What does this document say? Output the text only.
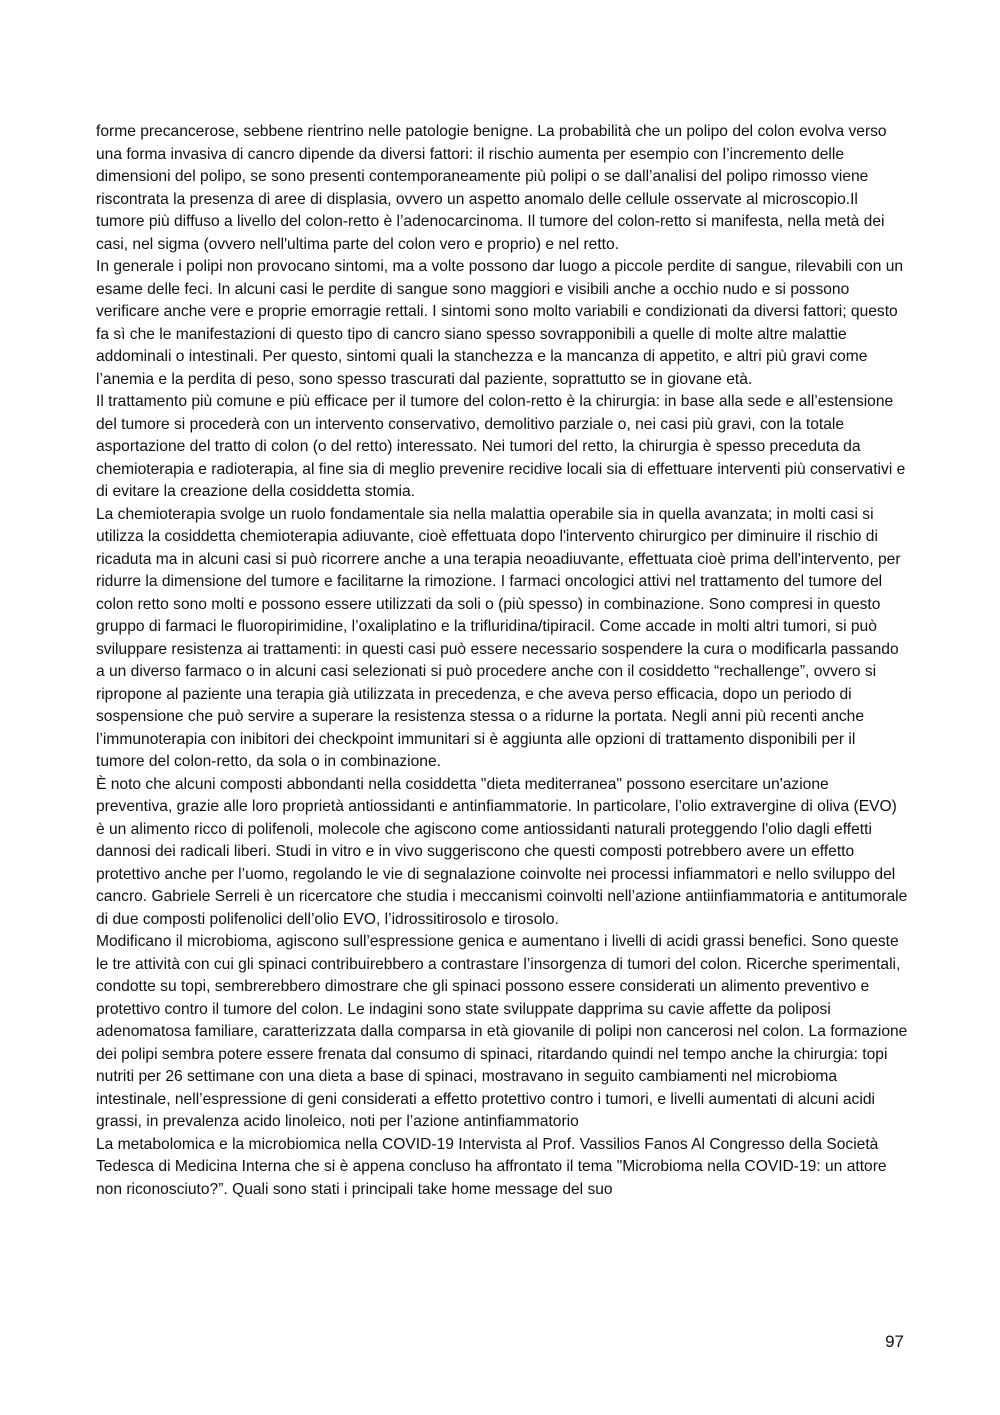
forme precancerose, sebbene rientrino nelle patologie benigne. La probabilità che un polipo del colon evolva verso una forma invasiva di cancro dipende da diversi fattori: il rischio aumenta per esempio con l’incremento delle dimensioni del polipo, se sono presenti contemporaneamente più polipi o se dall’analisi del polipo rimosso viene riscontrata la presenza di aree di displasia, ovvero un aspetto anomalo delle cellule osservate al microscopio.Il tumore più diffuso a livello del colon-retto è l’adenocarcinoma. Il tumore del colon-retto si manifesta, nella metà dei casi, nel sigma (ovvero nell'ultima parte del colon vero e proprio) e nel retto.

In generale i polipi non provocano sintomi, ma a volte possono dar luogo a piccole perdite di sangue, rilevabili con un esame delle feci. In alcuni casi le perdite di sangue sono maggiori e visibili anche a occhio nudo e si possono verificare anche vere e proprie emorragie rettali. I sintomi sono molto variabili e condizionati da diversi fattori; questo fa sì che le manifestazioni di questo tipo di cancro siano spesso sovrapponibili a quelle di molte altre malattie addominali o intestinali. Per questo, sintomi quali la stanchezza e la mancanza di appetito, e altri più gravi come l’anemia e la perdita di peso, sono spesso trascurati dal paziente, soprattutto se in giovane età.

Il trattamento più comune e più efficace per il tumore del colon-retto è la chirurgia: in base alla sede e all’estensione del tumore si procederà con un intervento conservativo, demolitivo parziale o, nei casi più gravi, con la totale asportazione del tratto di colon (o del retto) interessato. Nei tumori del retto, la chirurgia è spesso preceduta da chemioterapia e radioterapia, al fine sia di meglio prevenire recidive locali sia di effettuare interventi più conservativi e di evitare la creazione della cosiddetta stomia.

La chemioterapia svolge un ruolo fondamentale sia nella malattia operabile sia in quella avanzata; in molti casi si utilizza la cosiddetta chemioterapia adiuvante, cioè effettuata dopo l'intervento chirurgico per diminuire il rischio di ricaduta ma in alcuni casi si può ricorrere anche a una terapia neoadiuvante, effettuata cioè prima dell'intervento, per ridurre la dimensione del tumore e facilitarne la rimozione. I farmaci oncologici attivi nel trattamento del tumore del colon retto sono molti e possono essere utilizzati da soli o (più spesso) in combinazione. Sono compresi in questo gruppo di farmaci le fluoropirimidine, l’oxaliplatino e la trifluridina/tipiracil. Come accade in molti altri tumori, si può sviluppare resistenza ai trattamenti: in questi casi può essere necessario sospendere la cura o modificarla passando a un diverso farmaco o in alcuni casi selezionati si può procedere anche con il cosiddetto “rechallenge”, ovvero si ripropone al paziente una terapia già utilizzata in precedenza, e che aveva perso efficacia, dopo un periodo di sospensione che può servire a superare la resistenza stessa o a ridurne la portata. Negli anni più recenti anche l’immunoterapia con inibitori dei checkpoint immunitari si è aggiunta alle opzioni di trattamento disponibili per il tumore del colon-retto, da sola o in combinazione.

È noto che alcuni composti abbondanti nella cosiddetta "dieta mediterranea" possono esercitare un'azione preventiva, grazie alle loro proprietà antiossidanti e antinfiammatorie. In particolare, l’olio extravergine di oliva (EVO) è un alimento ricco di polifenoli, molecole che agiscono come antiossidanti naturali proteggendo l'olio dagli effetti dannosi dei radicali liberi. Studi in vitro e in vivo suggeriscono che questi composti potrebbero avere un effetto protettivo anche per l’uomo, regolando le vie di segnalazione coinvolte nei processi infiammatori e nello sviluppo del cancro. Gabriele Serreli è un ricercatore che studia i meccanismi coinvolti nell’azione antiinfiammatoria e antitumorale di due composti polifenolici dell’olio EVO, l’idrossitirosolo e tirosolo.

Modificano il microbioma, agiscono sull’espressione genica e aumentano i livelli di acidi grassi benefici. Sono queste le tre attività con cui gli spinaci contribuirebbero a contrastare l’insorgenza di tumori del colon. Ricerche sperimentali, condotte su topi, sembrerebbero dimostrare che gli spinaci possono essere considerati un alimento preventivo e protettivo contro il tumore del colon. Le indagini sono state sviluppate dapprima su cavie affette da poliposi adenomatosa familiare, caratterizzata dalla comparsa in età giovanile di polipi non cancerosi nel colon. La formazione dei polipi sembra potere essere frenata dal consumo di spinaci, ritardando quindi nel tempo anche la chirurgia: topi nutriti per 26 settimane con una dieta a base di spinaci, mostravano in seguito cambiamenti nel microbioma intestinale, nell’espressione di geni considerati a effetto protettivo contro i tumori, e livelli aumentati di alcuni acidi grassi, in prevalenza acido linoleico, noti per l’azione antinfiammatorio

La metabolomica e la microbiomica nella COVID-19 Intervista al Prof. Vassilios Fanos Al Congresso della Società Tedesca di Medicina Interna che si è appena concluso ha affrontato il tema "Microbioma nella COVID-19: un attore non riconosciuto?”. Quali sono stati i principali take home message del suo

97
